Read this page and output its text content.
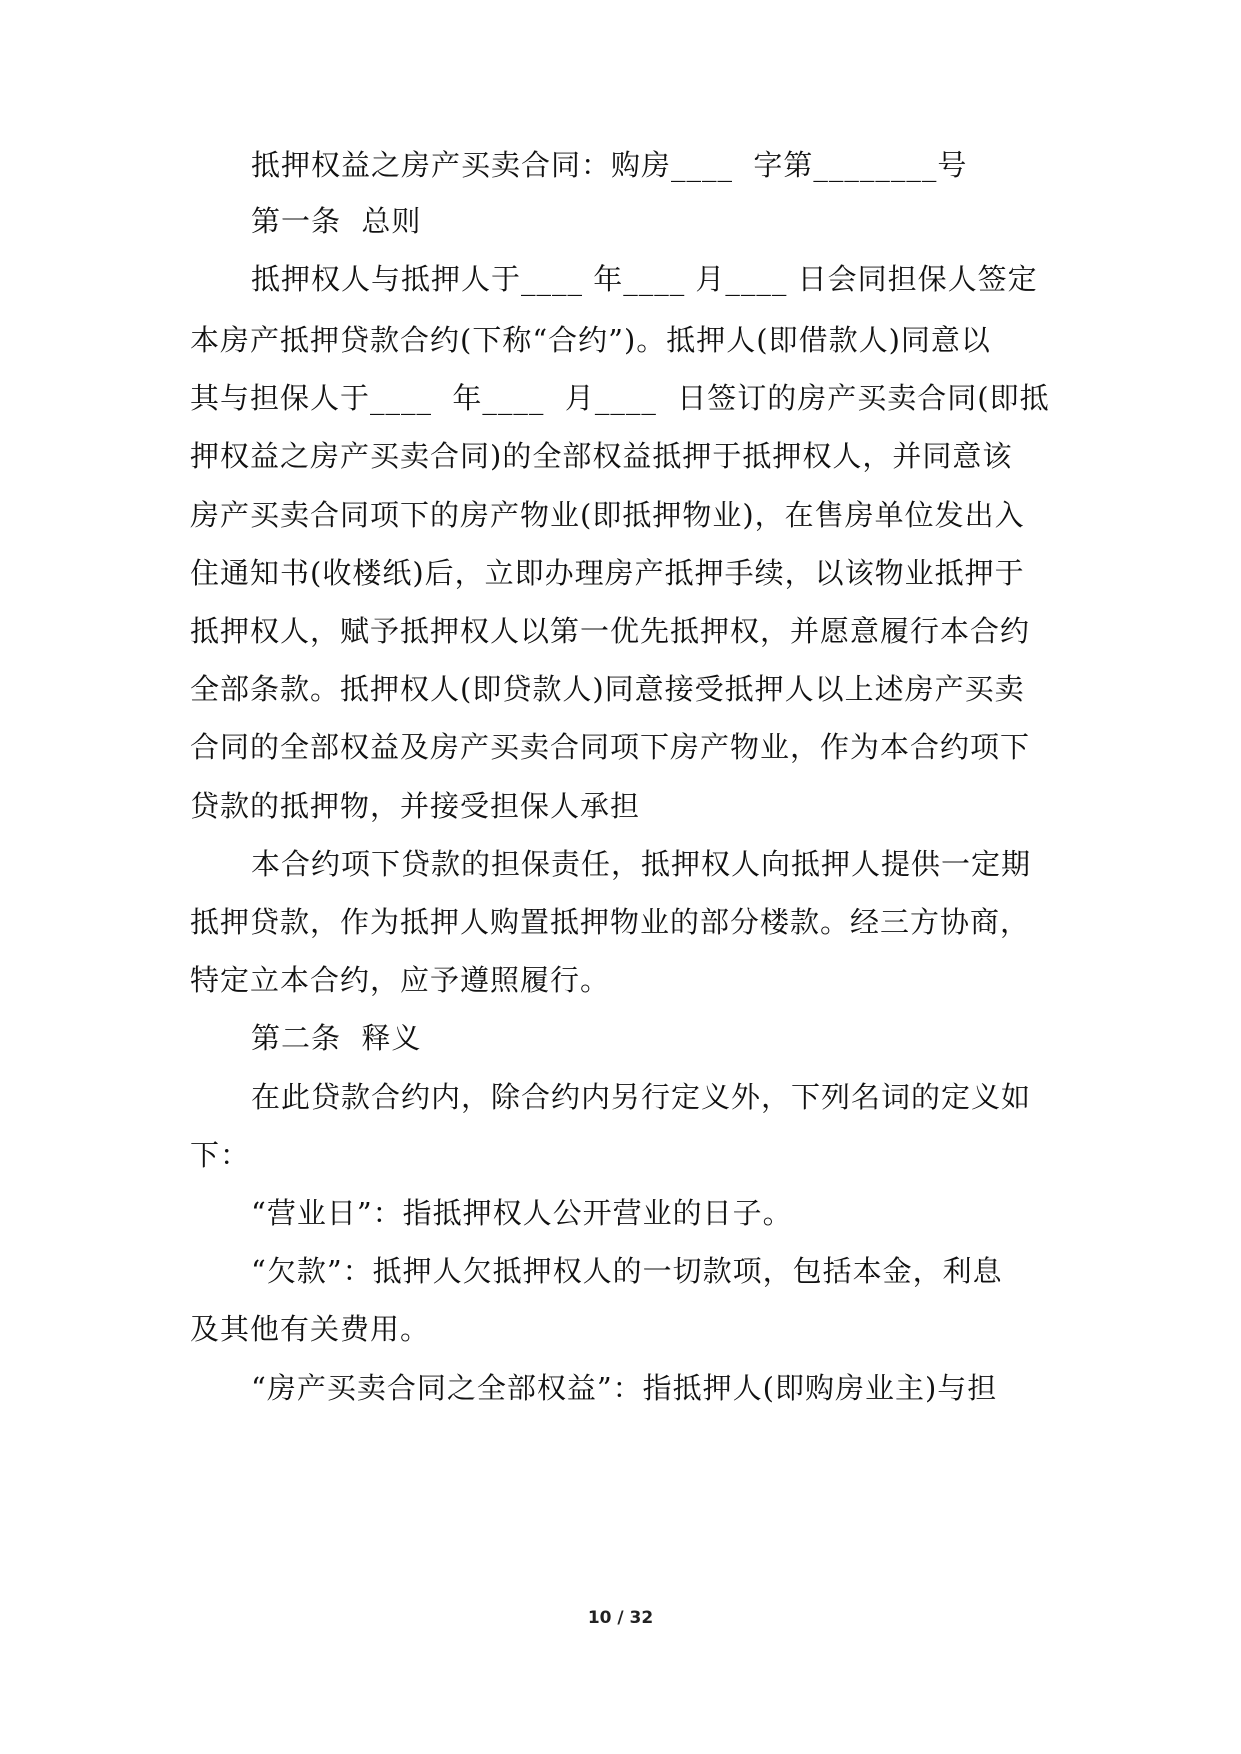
抵押权益之房产买卖合同：购房____  字第________号
第一条  总则
抵押权人与抵押人于____ 年____ 月____ 日会同担保人签定
本房产抵押贷款合约(下称“合约”)。抵押人(即借款人)同意以
其与担保人于____  年____  月____  日签订的房产买卖合同(即抵
押权益之房产买卖合同)的全部权益抵押于抵押权人，并同意该
房产买卖合同项下的房产物业(即抵押物业)，在售房单位发出入
住通知书(收楼纸)后，立即办理房产抵押手续，以该物业抵押于
抵押权人，赋予抵押权人以第一优先抵押权，并愿意履行本合约
全部条款。抵押权人(即贷款人)同意接受抵押人以上述房产买卖
合同的全部权益及房产买卖合同项下房产物业，作为本合约项下
贷款的抵押物，并接受担保人承担
本合约项下贷款的担保责任，抵押权人向抵押人提供一定期
抵押贷款，作为抵押人购置抵押物业的部分楼款。经三方协商，
特定立本合约，应予遵照履行。
第二条  释义
在此贷款合约内，除合约内另行定义外，下列名词的定义如
下：
“营业日”：指抵押权人公开营业的日子。
“欠款”：抵押人欠抵押权人的一切款项，包括本金，利息
及其他有关费用。
“房产买卖合同之全部权益”：指抵押人(即购房业主)与担
10 / 32
